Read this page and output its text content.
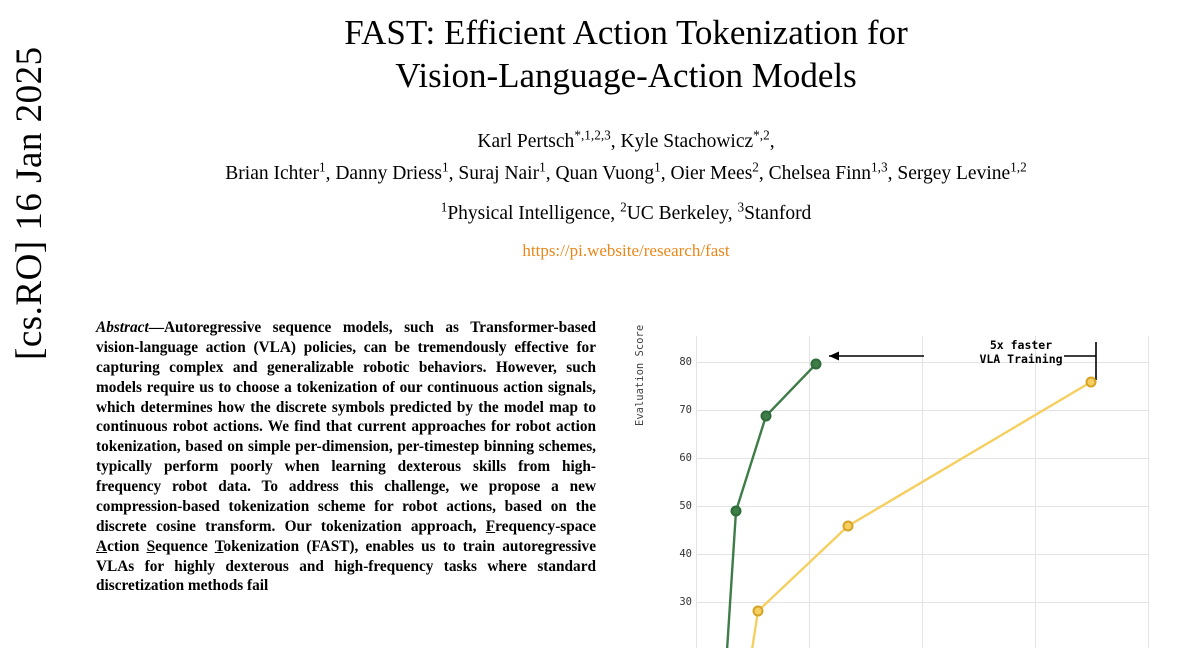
[cs.RO] 16 Jan 2025
FAST: Efficient Action Tokenization for
Vision-Language-Action Models
Karl Pertsch$^{*,1,2,3}$, Kyle Stachowicz$^{*,2}$,
Brian Ichter$^1$, Danny Driess$^1$, Suraj Nair$^1$, Quan Vuong$^1$, Oier Mees$^2$, Chelsea Finn$^{1,3}$, Sergey Levine$^{1,2}$
$^1$Physical Intelligence, $^2$UC Berkeley, $^3$Stanford
https://pi.website/research/fast

Abstract—Autoregressive sequence models, such as Transformer-based vision-language action (VLA) policies, can be tremendously effective for capturing complex and generalizable robotic behaviors. However, such models require us to choose a tokenization of our continuous action signals, which determines how the discrete symbols predicted by the model map to continuous robot actions. We find that current approaches for robot action tokenization, based on simple per-dimension, per-timestep binning schemes, typically perform poorly when learning dexterous skills from high-frequency robot data. To address this challenge, we propose a new compression-based tokenization scheme for robot actions, based on the discrete cosine transform. Our tokenization approach, Frequency-space Action Sequence Tokenization (FAST), enables us to train autoregressive VLAs for highly dexterous and high-frequency tasks where standard discretization methods fail

Evaluation Score	80
70
60
50
40
30
5x faster
VLA Training
